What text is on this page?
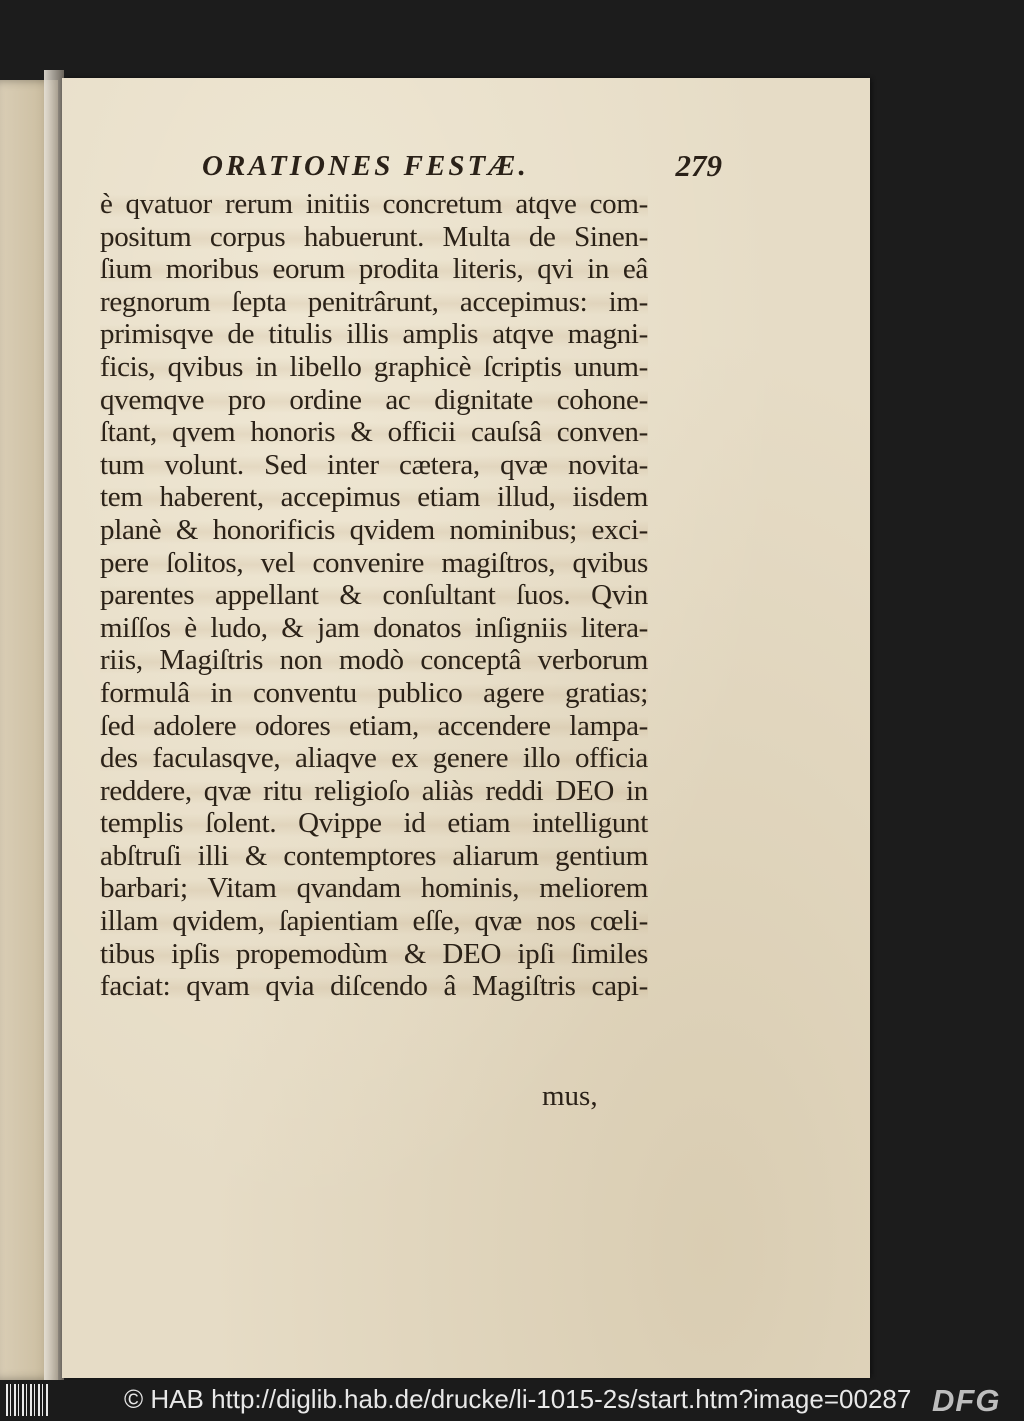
ORATIONES FESTÆ.	279
è qvatuor rerum initiis concretum atqve com-
positum corpus habuerunt. Multa de Sinen-
ſium moribus eorum prodita literis, qvi in eâ
regnorum ſepta penitrârunt, accepimus: im-
primisqve de titulis illis amplis atqve magni-
ficis, qvibus in libello graphicè ſcriptis unum-
qvemqve pro ordine ac dignitate cohone-
ſtant, qvem honoris & officii cauſsâ conven-
tum volunt. Sed inter cætera, qvæ novita-
tem haberent, accepimus etiam illud, iisdem
planè & honorificis qvidem nominibus; exci-
pere ſolitos, vel convenire magiſtros, qvibus
parentes appellant & conſultant ſuos. Qvin
miſſos è ludo, & jam donatos inſigniis litera-
riis, Magiſtris non modò conceptâ verborum
formulâ in conventu publico agere gratias;
ſed adolere odores etiam, accendere lampa-
des faculasqve, aliaqve ex genere illo officia
reddere, qvæ ritu religioſo aliàs reddi DEO in
templis ſolent. Qvippe id etiam intelligunt
abſtruſi illi & contemptores aliarum gentium
barbari; Vitam qvandam hominis, meliorem
illam qvidem, ſapientiam eſſe, qvæ nos cœli-
tibus ipſis propemodùm & DEO ipſi ſimiles
faciat: qvam qvia diſcendo â Magiſtris capi-
mus,
© HAB http://diglib.hab.de/drucke/li-1015-2s/start.htm?image=00287 DFG
